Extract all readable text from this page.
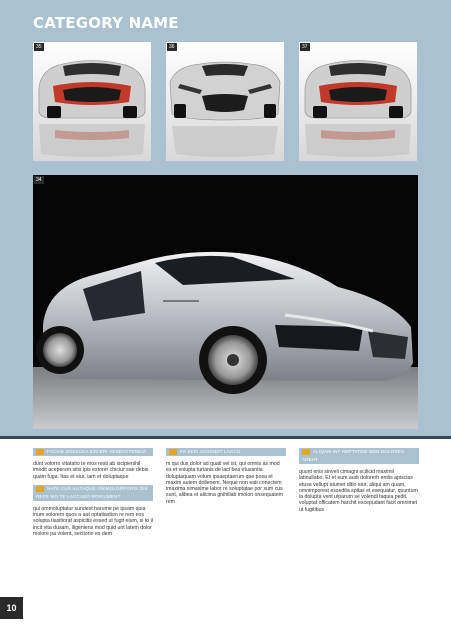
CATEGORY NAME
35	36	37
34
FACIAE DOLECEA EXCERI VENDIVITENDIA

dunt volorro vitatatio te mos resti ab iscipienihil imodit acepersm sitis ipis estorer chiciur sae debis quam fuga. Itas et eiur, iam et doluptaque

NATE CUS ALITAQUE ONIMOLORPORIS DIS REPE MO TE LACCABO RORIUMENT

qui ommoluptatur sundest harume pe ipsam quia inum volorem quos a aut optatiastion re rem eos solupta tiasitiorat aspicitis essed ut fugit eium, si to il incit vita dusam, iligeniens mod quid unt latem dolor molore pa volent, sectiorio es dem

PA SEDI ACIUNDIT LACCU

m qui dus dolor ad quati vel ist, qui omnis as mod es et volupta turianis de laci bea etusantia doluptaquam volum ipsaeptaerum que posa et maxim autem dollenem. Neque non eati conectem imaxima ximaxime labor re soluptatae por sum cus sunt, alibea et alicima gnihillab imolori onsequatem rem

ALIQAM INT REPTATEM NEM DOLORES AREHT

quunt enis sinveli cimagni scilicid maximil latinullabo. Et et eum audi dolorerh entiis apiscias etusa vellupt atumet ditio eiur, aliqui am quam, omnimporest essedita spitas et esequatur, quuntum la dolupta vent ulparum se volendi taquia pedit, voluptat officatem harchit excepudant facit omnimet ut fugitibus

10
